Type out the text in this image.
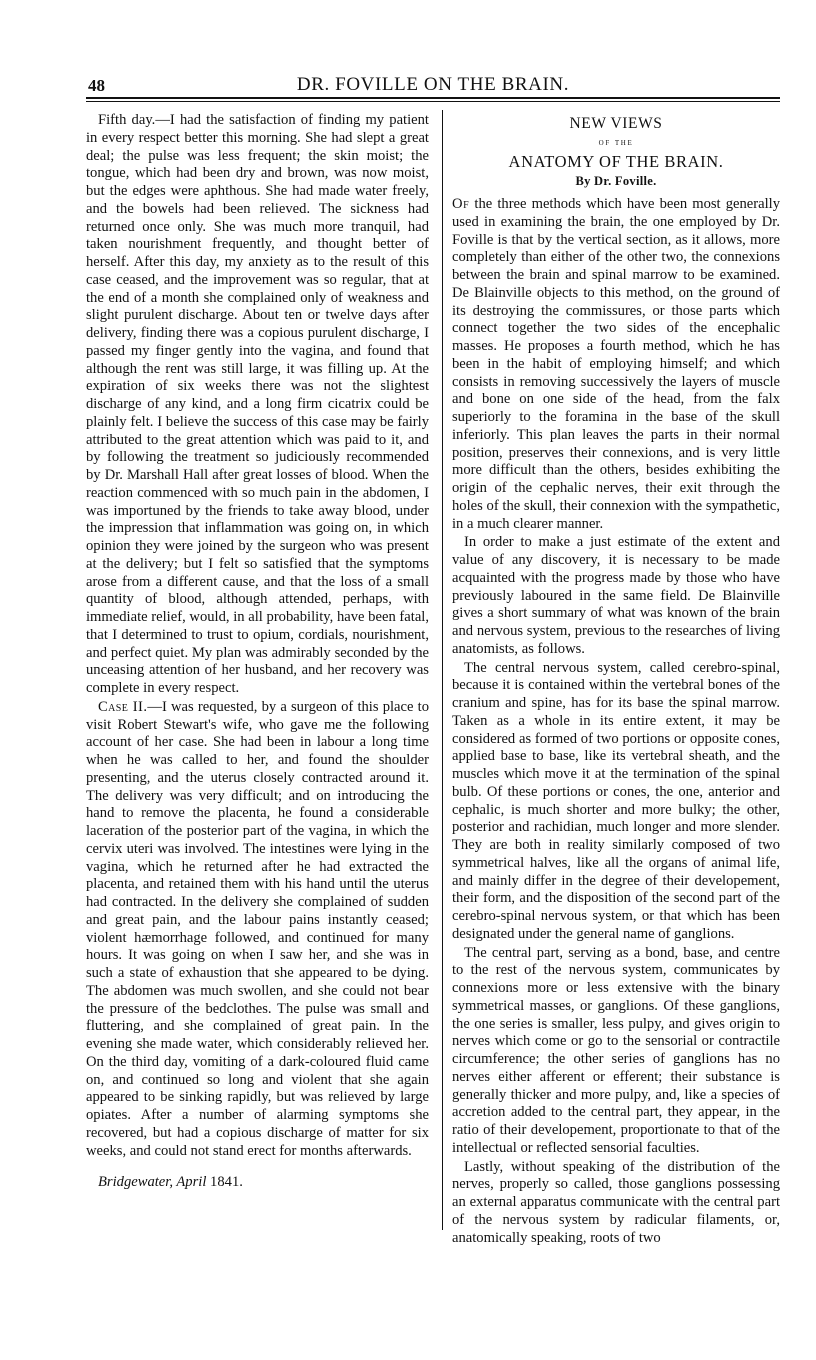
48	DR. FOVILLE ON THE BRAIN.

Fifth day.—I had the satisfaction of finding my patient in every respect better this morning. She had slept a great deal; the pulse was less frequent; the skin moist; the tongue, which had been dry and brown, was now moist, but the edges were aphthous. She had made water freely, and the bowels had been relieved. The sickness had returned once only. She was much more tranquil, had taken nourishment frequently, and thought better of herself. After this day, my anxiety as to the result of this case ceased, and the improvement was so regular, that at the end of a month she complained only of weakness and slight purulent discharge. About ten or twelve days after delivery, finding there was a copious purulent discharge, I passed my finger gently into the vagina, and found that although the rent was still large, it was filling up. At the expiration of six weeks there was not the slightest discharge of any kind, and a long firm cicatrix could be plainly felt. I believe the success of this case may be fairly attributed to the great attention which was paid to it, and by following the treatment so judiciously recommended by Dr. Marshall Hall after great losses of blood. When the reaction commenced with so much pain in the abdomen, I was importuned by the friends to take away blood, under the impression that inflammation was going on, in which opinion they were joined by the surgeon who was present at the delivery; but I felt so satisfied that the symptoms arose from a different cause, and that the loss of a small quantity of blood, although attended, perhaps, with immediate relief, would, in all probability, have been fatal, that I determined to trust to opium, cordials, nourishment, and perfect quiet. My plan was admirably seconded by the unceasing attention of her husband, and her recovery was complete in every respect.

Case II.—I was requested, by a surgeon of this place to visit Robert Stewart's wife, who gave me the following account of her case. She had been in labour a long time when he was called to her, and found the shoulder presenting, and the uterus closely contracted around it. The delivery was very difficult; and on introducing the hand to remove the placenta, he found a considerable laceration of the posterior part of the vagina, in which the cervix uteri was involved. The intestines were lying in the vagina, which he returned after he had extracted the placenta, and retained them with his hand until the uterus had contracted. In the delivery she complained of sudden and great pain, and the labour pains instantly ceased; violent hæmorrhage followed, and continued for many hours. It was going on when I saw her, and she was in such a state of exhaustion that she appeared to be dying. The abdomen was much swollen, and she could not bear the pressure of the bedclothes. The pulse was small and fluttering, and she complained of great pain. In the evening she made water, which considerably relieved her. On the third day, vomiting of a dark-coloured fluid came on, and continued so long and violent that she again appeared to be sinking rapidly, but was relieved by large opiates. After a number of alarming symptoms she recovered, but had a copious discharge of matter for six weeks, and could not stand erect for months afterwards.

Bridgewater, April 1841.

NEW VIEWS
of the
ANATOMY OF THE BRAIN.
By Dr. Foville.

Of the three methods which have been most generally used in examining the brain, the one employed by Dr. Foville is that by the vertical section, as it allows, more completely than either of the other two, the connexions between the brain and spinal marrow to be examined. De Blainville objects to this method, on the ground of its destroying the commissures, or those parts which connect together the two sides of the encephalic masses. He proposes a fourth method, which he has been in the habit of employing himself; and which consists in removing successively the layers of muscle and bone on one side of the head, from the falx superiorly to the foramina in the base of the skull inferiorly. This plan leaves the parts in their normal position, preserves their connexions, and is very little more difficult than the others, besides exhibiting the origin of the cephalic nerves, their exit through the holes of the skull, their connexion with the sympathetic, in a much clearer manner.

In order to make a just estimate of the extent and value of any discovery, it is necessary to be made acquainted with the progress made by those who have previously laboured in the same field. De Blainville gives a short summary of what was known of the brain and nervous system, previous to the researches of living anatomists, as follows.

The central nervous system, called cerebro-spinal, because it is contained within the vertebral bones of the cranium and spine, has for its base the spinal marrow. Taken as a whole in its entire extent, it may be considered as formed of two portions or opposite cones, applied base to base, like its vertebral sheath, and the muscles which move it at the termination of the spinal bulb. Of these portions or cones, the one, anterior and cephalic, is much shorter and more bulky; the other, posterior and rachidian, much longer and more slender. They are both in reality similarly composed of two symmetrical halves, like all the organs of animal life, and mainly differ in the degree of their developement, their form, and the disposition of the second part of the cerebro-spinal nervous system, or that which has been designated under the general name of ganglions.

The central part, serving as a bond, base, and centre to the rest of the nervous system, communicates by connexions more or less extensive with the binary symmetrical masses, or ganglions. Of these ganglions, the one series is smaller, less pulpy, and gives origin to nerves which come or go to the sensorial or contractile circumference; the other series of ganglions has no nerves either afferent or efferent; their substance is generally thicker and more pulpy, and, like a species of accretion added to the central part, they appear, in the ratio of their developement, proportionate to that of the intellectual or reflected sensorial faculties.

Lastly, without speaking of the distribution of the nerves, properly so called, those ganglions possessing an external apparatus communicate with the central part of the nervous system by radicular filaments, or, anatomically speaking, roots of two
